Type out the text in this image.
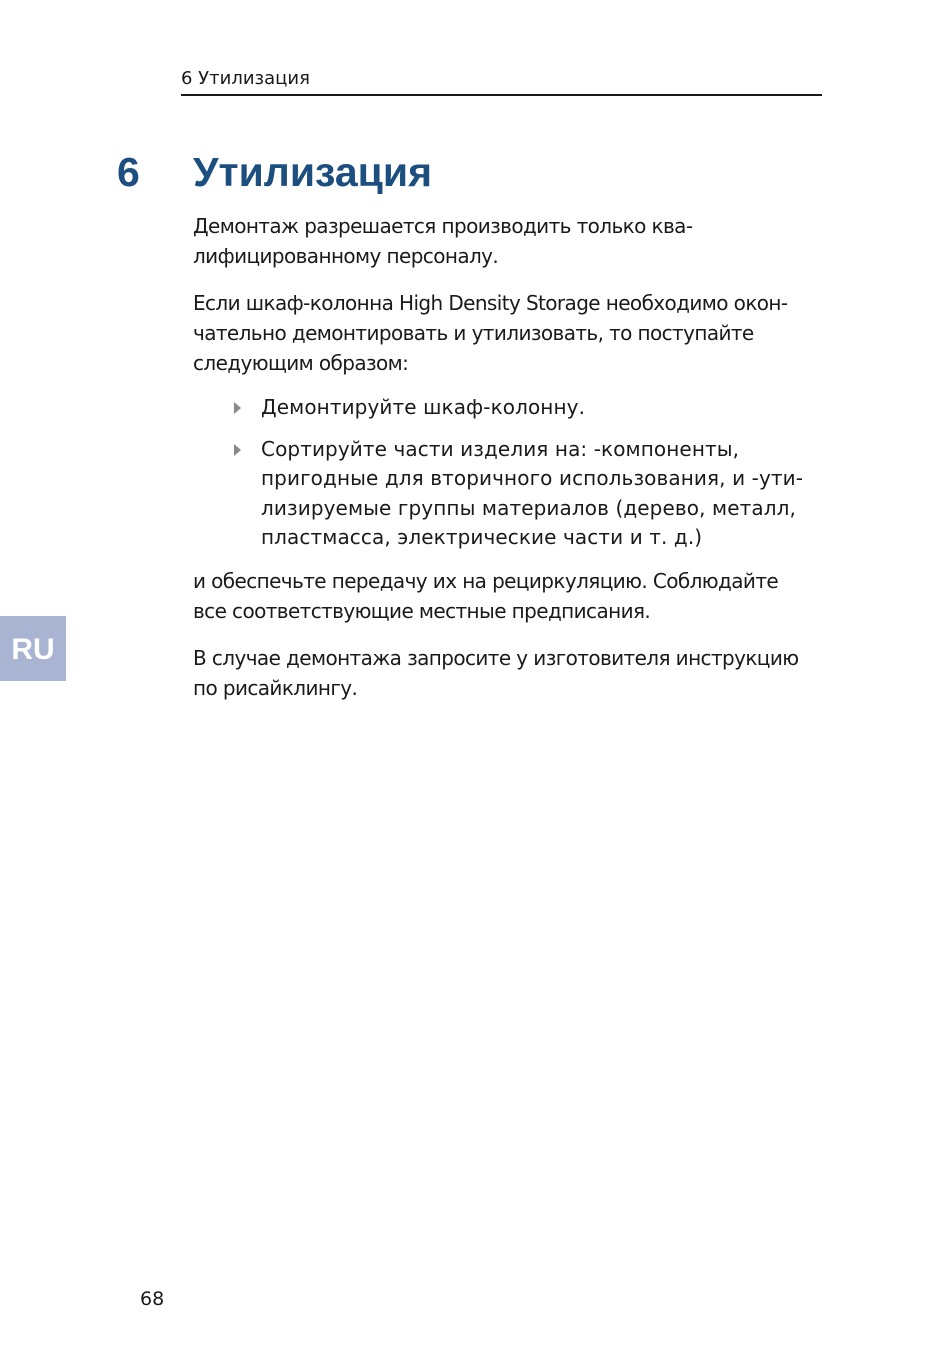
6 Утилизация
6 Утилизация

Демонтаж разрешается производить только ква-
лифицированному персоналу.

Если шкаф-колонна High Density Storage необходимо окон-
чательно демонтировать и утилизовать, то поступайте
следующим образом:

Демонтируйте шкаф-колонну.
Сортируйте части изделия на: -компоненты,
пригодные для вторичного использования, и -ути-
лизируемые группы материалов (дерево, металл,
пластмасса, электрические части и т. д.)

и обеспечьте передачу их на рециркуляцию. Соблюдайте
все соответствующие местные предписания.

В случае демонтажа запросите у изготовителя инструкцию
по рисайклингу.

RU
68
